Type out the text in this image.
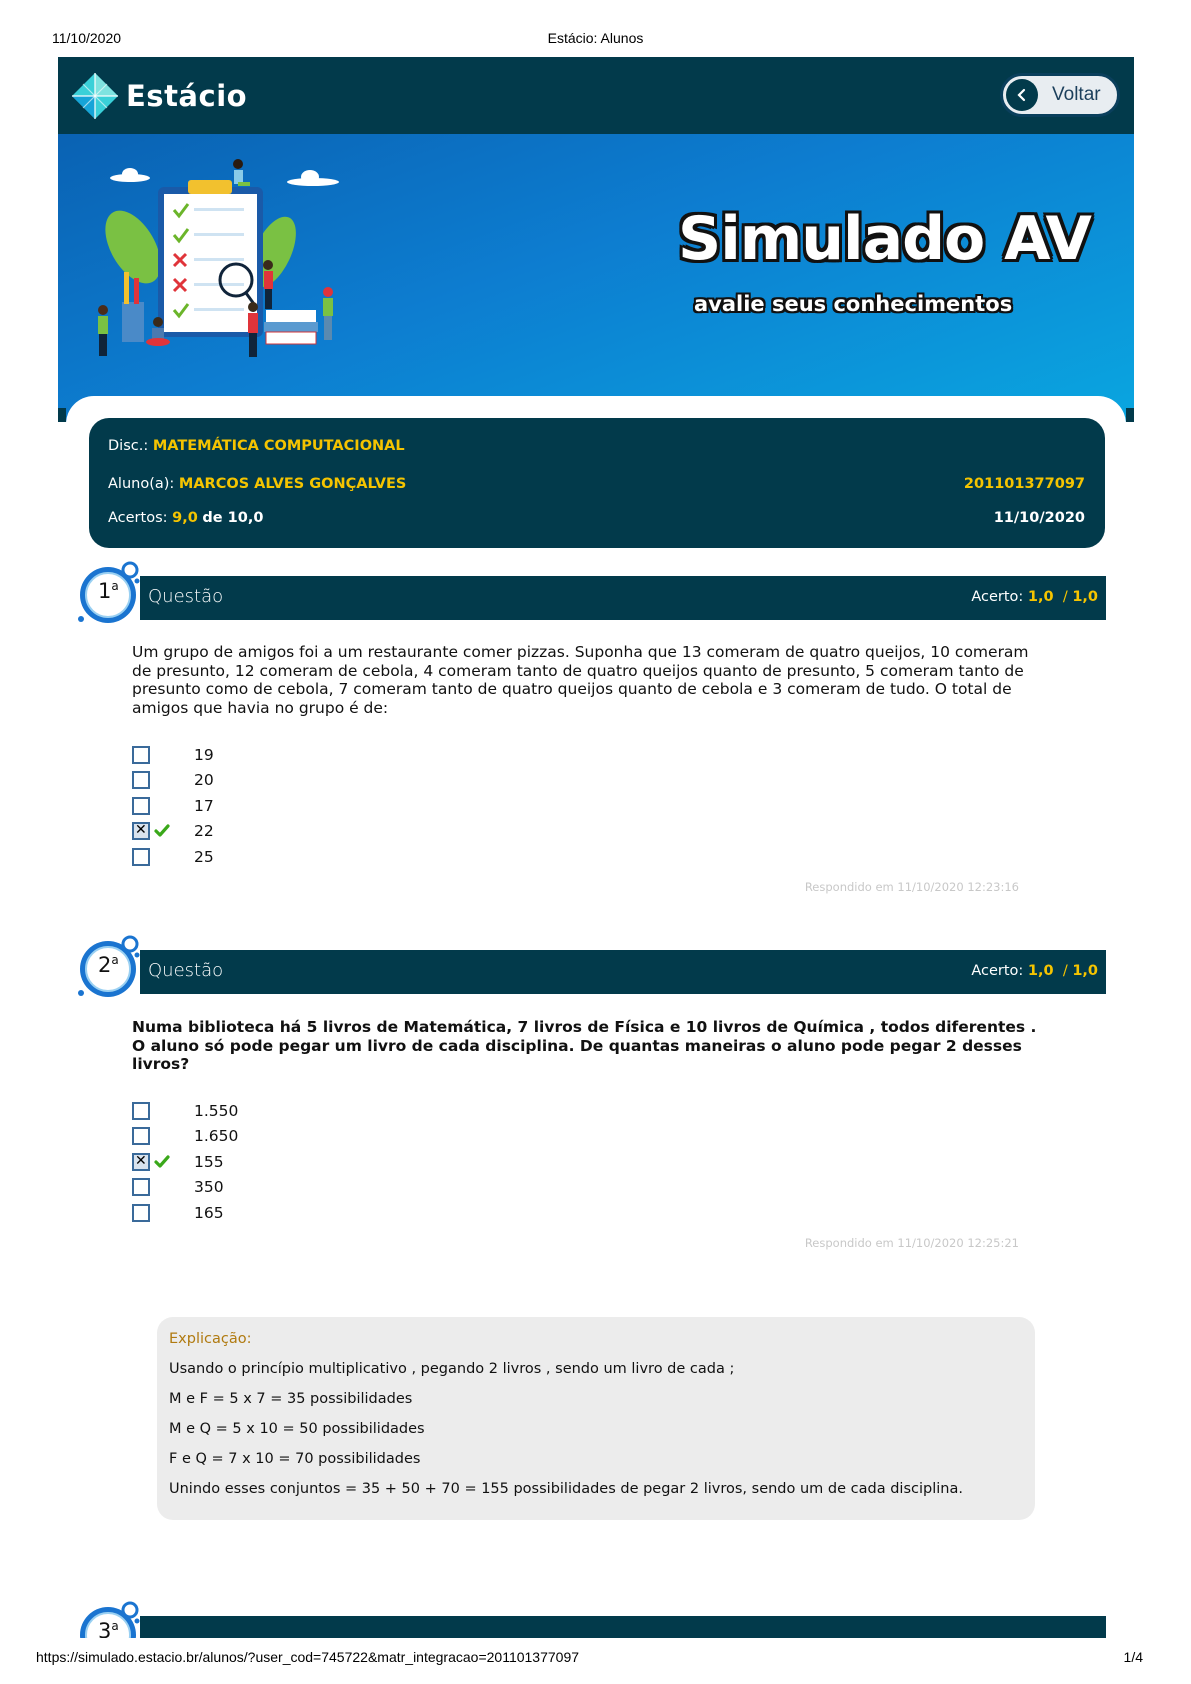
11/10/2020	Estácio: Alunos
Estácio	Voltar
Simulado AV
avalie seus conhecimentos
Disc.: MATEMÁTICA COMPUTACIONAL
Aluno(a): MARCOS ALVES GONÇALVES	201101377097
Acertos: 9,0 de 10,0	11/10/2020
Questão	Acerto: 1,0 / 1,0
1$^a$
Um grupo de amigos foi a um restaurante comer pizzas. Suponha que 13 comeram de quatro queijos, 10 comeram de presunto, 12 comeram de cebola, 4 comeram tanto de quatro queijos quanto de presunto, 5 comeram tanto de presunto como de cebola, 7 comeram tanto de quatro queijos quanto de cebola e 3 comeram de tudo. O total de amigos que havia no grupo é de:
19
20
17
✕
22
25
Respondido em 11/10/2020 12:23:16
Questão	Acerto: 1,0 / 1,0
2$^a$
Numa biblioteca há 5 livros de Matemática, 7 livros de Física e 10 livros de Química , todos diferentes . O aluno só pode pegar um livro de cada disciplina. De quantas maneiras o aluno pode pegar 2 desses livros?
1.550
1.650
✕
155
350
165
Respondido em 11/10/2020 12:25:21
Explicação:
Usando o princípio multiplicativo , pegando 2 livros , sendo um livro de cada ;
M e F = 5 x 7 = 35 possibilidades
M e Q = 5 x 10 = 50 possibilidades
F e Q = 7 x 10 = 70 possibilidades
Unindo esses conjuntos = 35 + 50 + 70 = 155 possibilidades de pegar 2 livros, sendo um de cada disciplina.
3$^a$
https://simulado.estacio.br/alunos/?user_cod=745722&matr_integracao=201101377097	1/4
